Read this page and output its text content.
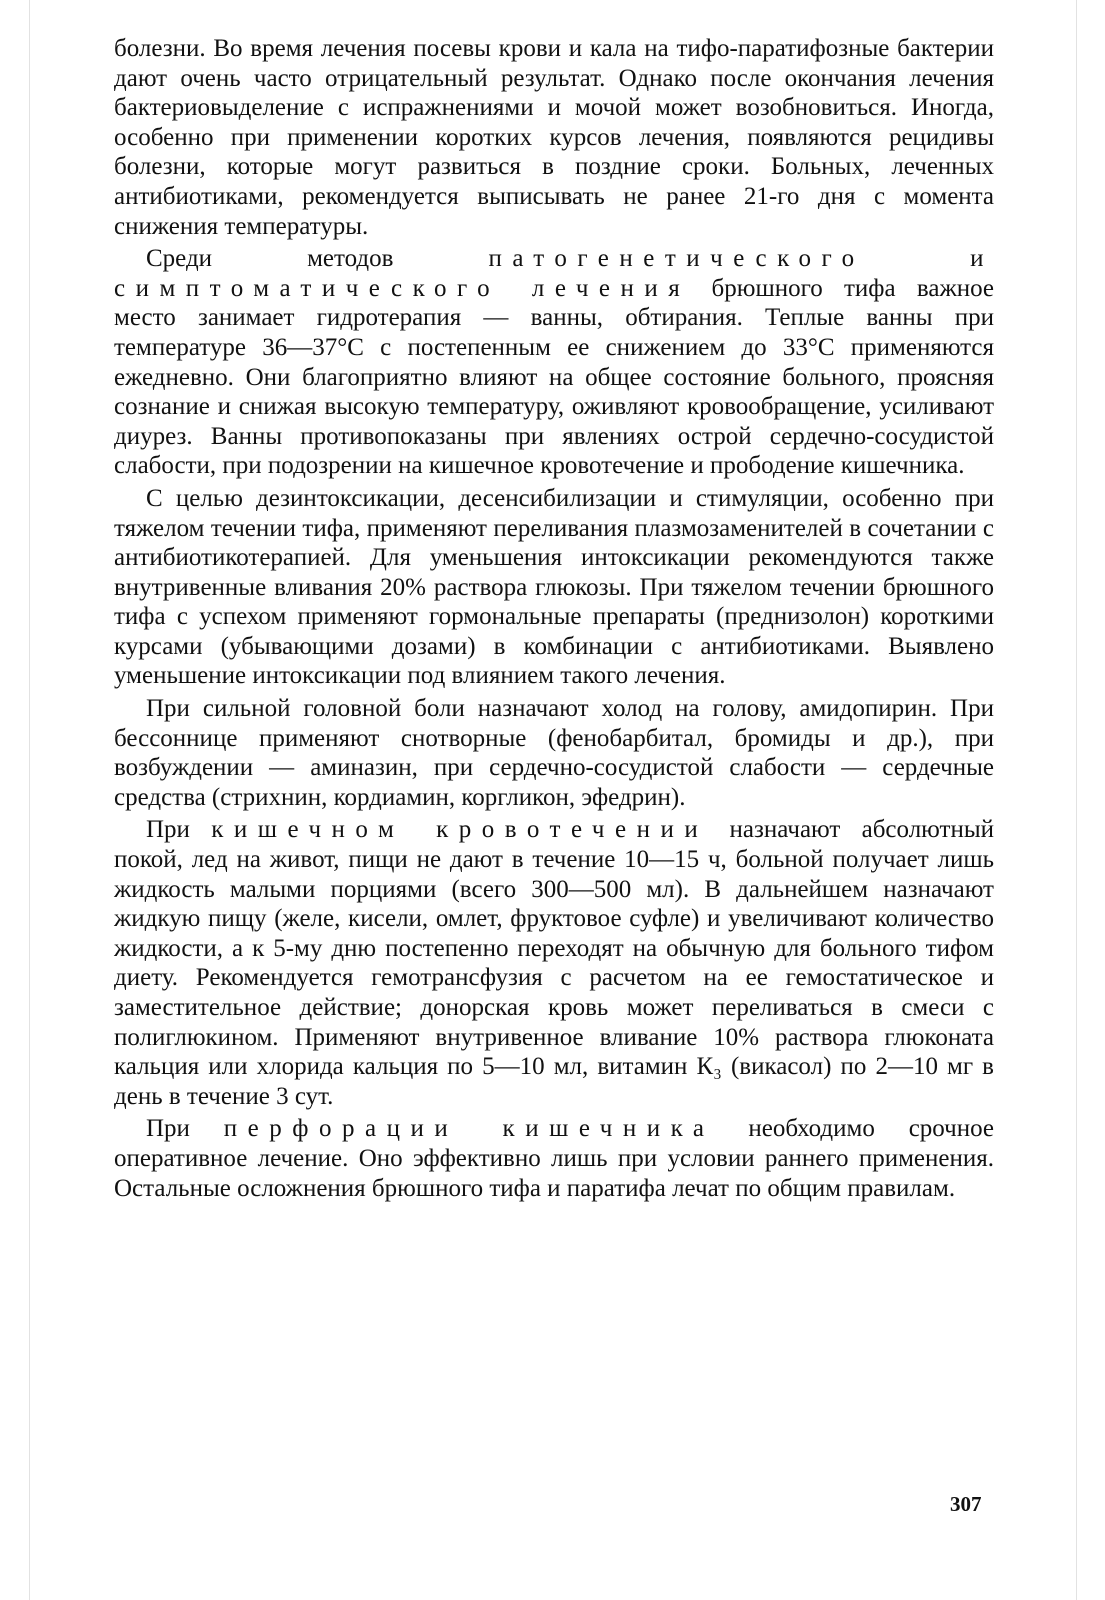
болезни. Во время лечения посевы крови и кала на тифо-паратифозные бактерии дают очень часто отрицательный результат. Однако после окончания лечения бактериовыделение с испражнениями и мочой может возобновиться. Иногда, особенно при применении коротких курсов лечения, появляются рецидивы болезни, которые могут развиться в поздние сроки. Больных, леченных антибиотиками, рекомендуется выписывать не ранее 21-го дня с момента снижения температуры.

Среди методов патогенетического и симптоматического лечения брюшного тифа важное место занимает гидротерапия — ванны, обтирания. Теплые ванны при температуре 36—37°С с постепенным ее снижением до 33°С применяются ежедневно. Они благоприятно влияют на общее состояние больного, проясняя сознание и снижая высокую температуру, оживляют кровообращение, усиливают диурез. Ванны противопоказаны при явлениях острой сердечно-сосудистой слабости, при подозрении на кишечное кровотечение и прободение кишечника.

С целью дезинтоксикации, десенсибилизации и стимуляции, особенно при тяжелом течении тифа, применяют переливания плазмозаменителей в сочетании с антибиотикотерапией. Для уменьшения интоксикации рекомендуются также внутривенные вливания 20% раствора глюкозы. При тяжелом течении брюшного тифа с успехом применяют гормональные препараты (преднизолон) короткими курсами (убывающими дозами) в комбинации с антибиотиками. Выявлено уменьшение интоксикации под влиянием такого лечения.

При сильной головной боли назначают холод на голову, амидопирин. При бессоннице применяют снотворные (фенобарбитал, бромиды и др.), при возбуждении — аминазин, при сердечно-сосудистой слабости — сердечные средства (стрихнин, кордиамин, коргликон, эфедрин).

При кишечном кровотечении назначают абсолютный покой, лед на живот, пищи не дают в течение 10—15 ч, больной получает лишь жидкость малыми порциями (всего 300—500 мл). В дальнейшем назначают жидкую пищу (желе, кисели, омлет, фруктовое суфле) и увеличивают количество жидкости, а к 5-му дню постепенно переходят на обычную для больного тифом диету. Рекомендуется гемотрансфузия с расчетом на ее гемостатическое и заместительное действие; донорская кровь может переливаться в смеси с полиглюкином. Применяют внутривенное вливание 10% раствора глюконата кальция или хлорида кальция по 5—10 мл, витамин К₃ (викасол) по 2—10 мг в день в течение 3 сут.

При перфорации кишечника необходимо срочное оперативное лечение. Оно эффективно лишь при условии раннего применения. Остальные осложнения брюшного тифа и паратифа лечат по общим правилам.

307
